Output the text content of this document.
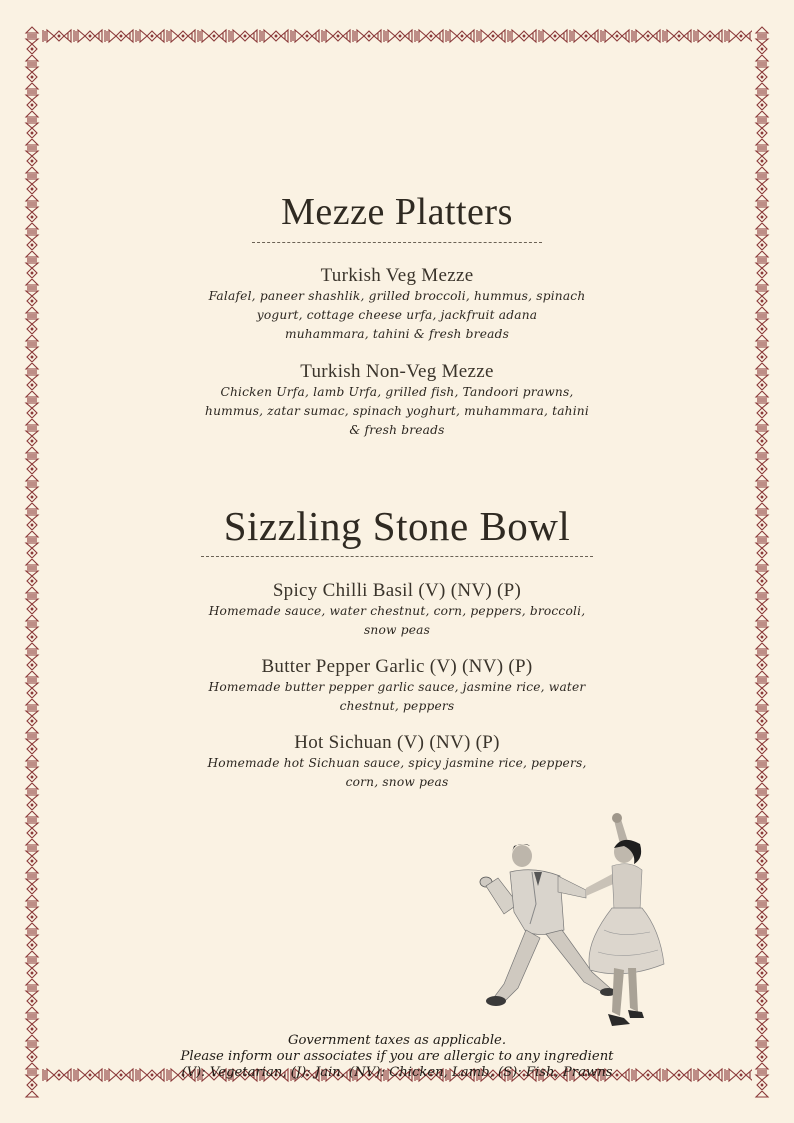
Mezze Platters
Turkish Veg Mezze
Falafel, paneer shashlik, grilled broccoli, hummus, spinach
yogurt, cottage cheese urfa, jackfruit adana
muhammara, tahini & fresh breads
Turkish Non-Veg Mezze
Chicken Urfa, lamb Urfa, grilled fish, Tandoori prawns,
hummus, zatar sumac, spinach yoghurt, muhammara, tahini
& fresh breads
Sizzling Stone Bowl
Spicy Chilli Basil (V) (NV) (P)
Homemade sauce, water chestnut, corn, peppers, broccoli,
snow peas
Butter Pepper Garlic (V) (NV) (P)
Homemade butter pepper garlic sauce, jasmine rice, water
chestnut, peppers
Hot Sichuan (V) (NV) (P)
Homemade hot Sichuan sauce, spicy jasmine rice, peppers,
corn, snow peas
Government taxes as applicable.
Please inform our associates if you are allergic to any ingredient
(V): Vegetarian, (J): Jain, (NV): Chicken, Lamb, (S): Fish, Prawns
